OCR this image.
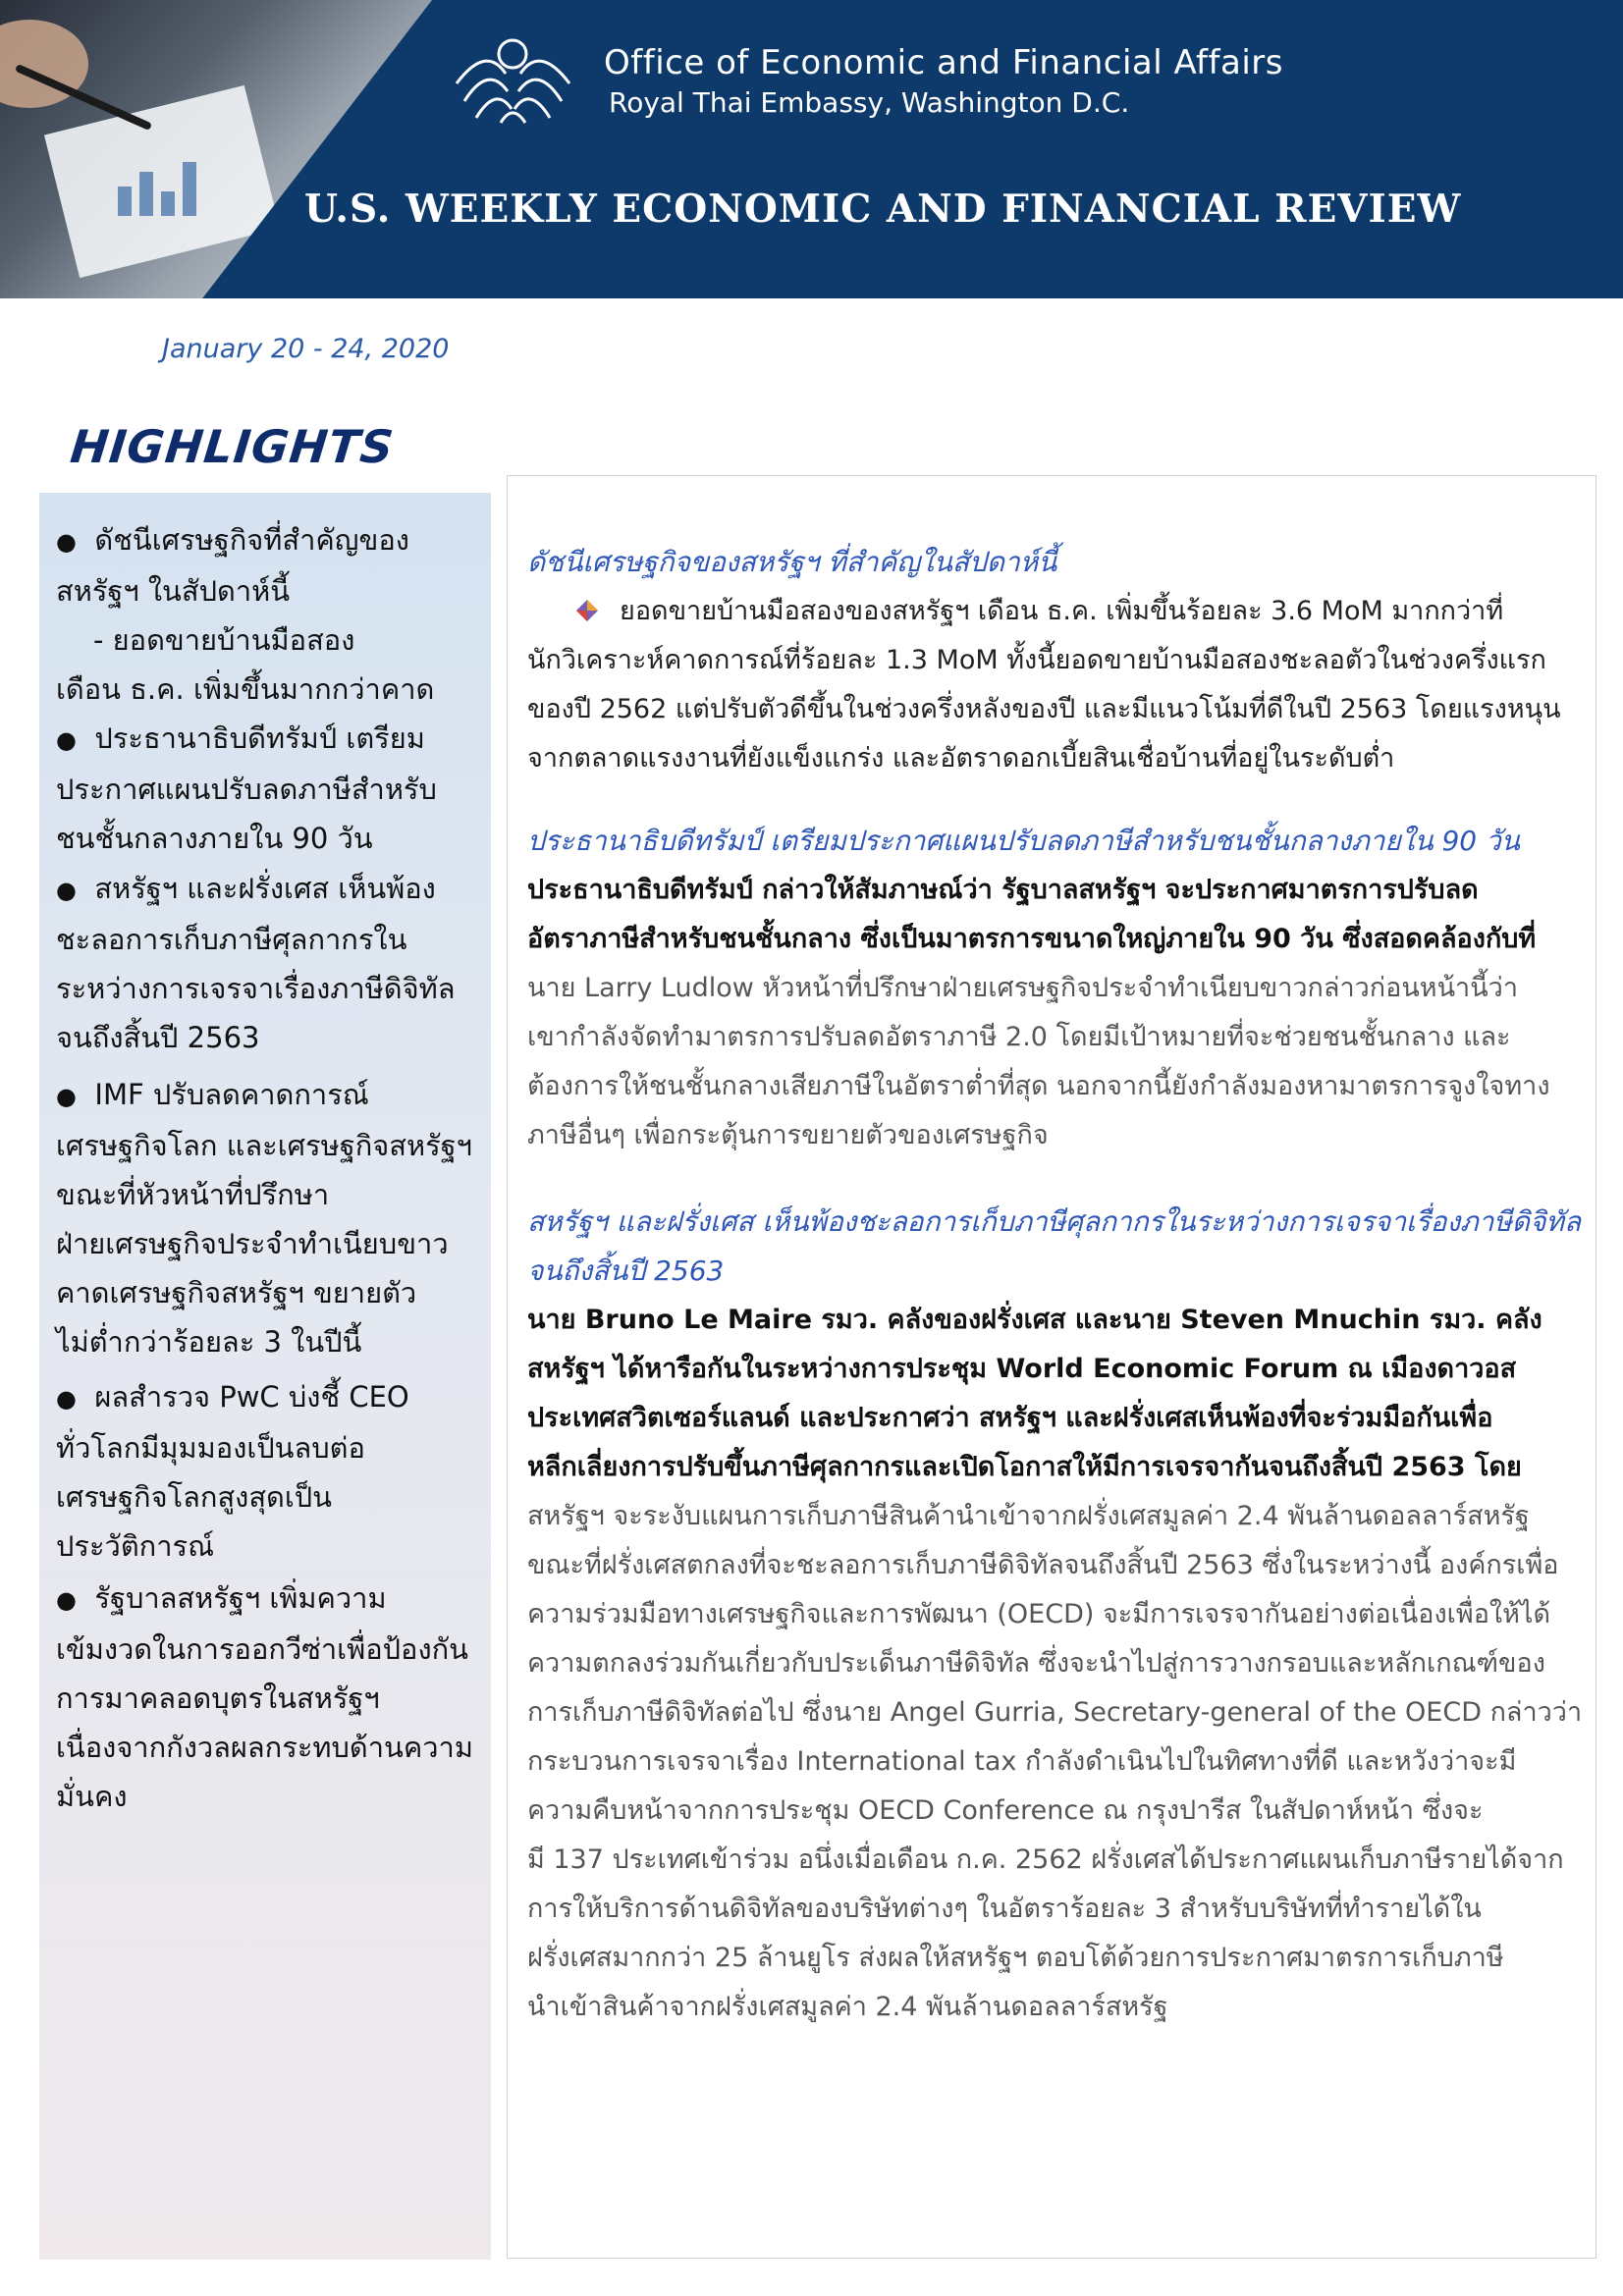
Office of Economic and Financial Affairs
Royal Thai Embassy, Washington D.C.
U.S. WEEKLY ECONOMIC AND FINANCIAL REVIEW
January 20 - 24, 2020
HIGHLIGHTS
● ดัชนีเศรษฐกิจที่สำคัญของ
สหรัฐฯ ในสัปดาห์นี้
- ยอดขายบ้านมือสอง
เดือน ธ.ค. เพิ่มขึ้นมากกว่าคาด
● ประธานาธิบดีทรัมป์ เตรียม
ประกาศแผนปรับลดภาษีสำหรับ
ชนชั้นกลางภายใน 90 วัน
● สหรัฐฯ และฝรั่งเศส เห็นพ้อง
ชะลอการเก็บภาษีศุลกากรใน
ระหว่างการเจรจาเรื่องภาษีดิจิทัล
จนถึงสิ้นปี 2563
● IMF ปรับลดคาดการณ์
เศรษฐกิจโลก และเศรษฐกิจสหรัฐฯ
ขณะที่หัวหน้าที่ปรึกษา
ฝ่ายเศรษฐกิจประจำทำเนียบขาว
คาดเศรษฐกิจสหรัฐฯ ขยายตัว
ไม่ต่ำกว่าร้อยละ 3 ในปีนี้
● ผลสำรวจ PwC บ่งชี้ CEO
ทั่วโลกมีมุมมองเป็นลบต่อ
เศรษฐกิจโลกสูงสุดเป็น
ประวัติการณ์
● รัฐบาลสหรัฐฯ เพิ่มความ
เข้มงวดในการออกวีซ่าเพื่อป้องกัน
การมาคลอดบุตรในสหรัฐฯ
เนื่องจากกังวลผลกระทบด้านความ
มั่นคง
ดัชนีเศรษฐกิจของสหรัฐฯ ที่สำคัญในสัปดาห์นี้

ยอดขายบ้านมือสองของสหรัฐฯ เดือน ธ.ค. เพิ่มขึ้นร้อยละ 3.6 MoM มากกว่าที่

นักวิเคราะห์คาดการณ์ที่ร้อยละ 1.3 MoM ทั้งนี้ยอดขายบ้านมือสองชะลอตัวในช่วงครึ่งแรก

ของปี 2562 แต่ปรับตัวดีขึ้นในช่วงครึ่งหลังของปี และมีแนวโน้มที่ดีในปี 2563 โดยแรงหนุน

จากตลาดแรงงานที่ยังแข็งแกร่ง และอัตราดอกเบี้ยสินเชื่อบ้านที่อยู่ในระดับต่ำ

ประธานาธิบดีทรัมป์ เตรียมประกาศแผนปรับลดภาษีสำหรับชนชั้นกลางภายใน 90 วัน

ประธานาธิบดีทรัมป์ กล่าวให้สัมภาษณ์ว่า รัฐบาลสหรัฐฯ จะประกาศมาตรการปรับลด

อัตราภาษีสำหรับชนชั้นกลาง ซึ่งเป็นมาตรการขนาดใหญ่ภายใน 90 วัน ซึ่งสอดคล้องกับที่

นาย Larry Ludlow หัวหน้าที่ปรึกษาฝ่ายเศรษฐกิจประจำทำเนียบขาวกล่าวก่อนหน้านี้ว่า

เขากำลังจัดทำมาตรการปรับลดอัตราภาษี 2.0 โดยมีเป้าหมายที่จะช่วยชนชั้นกลาง และ

ต้องการให้ชนชั้นกลางเสียภาษีในอัตราต่ำที่สุด นอกจากนี้ยังกำลังมองหามาตรการจูงใจทาง

ภาษีอื่นๆ เพื่อกระตุ้นการขยายตัวของเศรษฐกิจ

สหรัฐฯ และฝรั่งเศส เห็นพ้องชะลอการเก็บภาษีศุลกากรในระหว่างการเจรจาเรื่องภาษีดิจิทัล
จนถึงสิ้นปี 2563

นาย Bruno Le Maire รมว. คลังของฝรั่งเศส และนาย Steven Mnuchin รมว. คลัง

สหรัฐฯ ได้หารือกันในระหว่างการประชุม World Economic Forum ณ เมืองดาวอส

ประเทศสวิตเซอร์แลนด์ และประกาศว่า สหรัฐฯ และฝรั่งเศสเห็นพ้องที่จะร่วมมือกันเพื่อ

หลีกเลี่ยงการปรับขึ้นภาษีศุลกากรและเปิดโอกาสให้มีการเจรจากันจนถึงสิ้นปี 2563 โดย

สหรัฐฯ จะระงับแผนการเก็บภาษีสินค้านำเข้าจากฝรั่งเศสมูลค่า 2.4 พันล้านดอลลาร์สหรัฐ

ขณะที่ฝรั่งเศสตกลงที่จะชะลอการเก็บภาษีดิจิทัลจนถึงสิ้นปี 2563 ซึ่งในระหว่างนี้ องค์กรเพื่อ

ความร่วมมือทางเศรษฐกิจและการพัฒนา (OECD) จะมีการเจรจากันอย่างต่อเนื่องเพื่อให้ได้

ความตกลงร่วมกันเกี่ยวกับประเด็นภาษีดิจิทัล ซึ่งจะนำไปสู่การวางกรอบและหลักเกณฑ์ของ

การเก็บภาษีดิจิทัลต่อไป ซึ่งนาย Angel Gurria, Secretary-general of the OECD กล่าวว่า

กระบวนการเจรจาเรื่อง International tax กำลังดำเนินไปในทิศทางที่ดี และหวังว่าจะมี

ความคืบหน้าจากการประชุม OECD Conference ณ กรุงปารีส ในสัปดาห์หน้า ซึ่งจะ

มี 137 ประเทศเข้าร่วม อนึ่งเมื่อเดือน ก.ค. 2562 ฝรั่งเศสได้ประกาศแผนเก็บภาษีรายได้จาก

การให้บริการด้านดิจิทัลของบริษัทต่างๆ ในอัตราร้อยละ 3 สำหรับบริษัทที่ทำรายได้ใน

ฝรั่งเศสมากกว่า 25 ล้านยูโร ส่งผลให้สหรัฐฯ ตอบโต้ด้วยการประกาศมาตรการเก็บภาษี

นำเข้าสินค้าจากฝรั่งเศสมูลค่า 2.4 พันล้านดอลลาร์สหรัฐ
